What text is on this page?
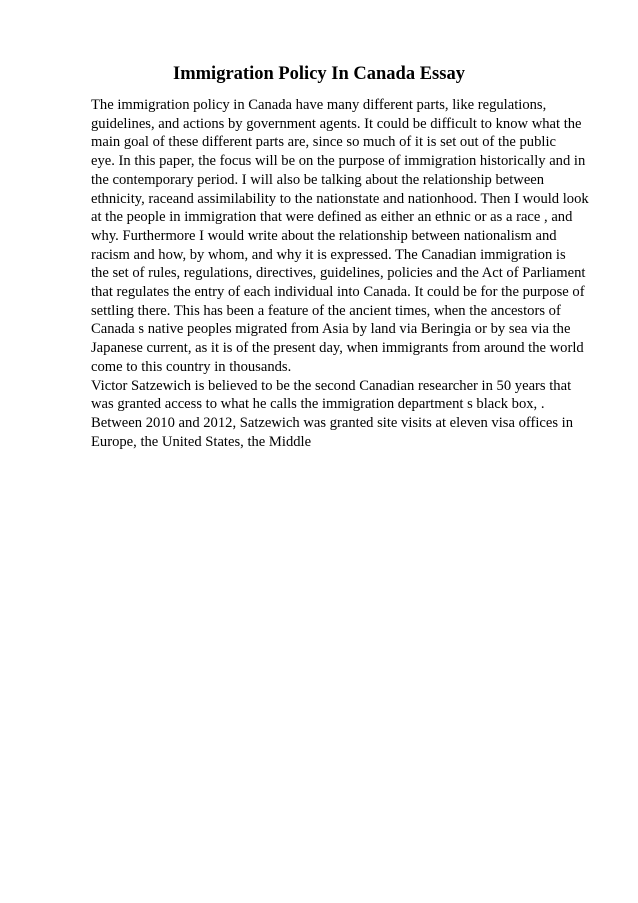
Immigration Policy In Canada Essay
The immigration policy in Canada have many different parts, like regulations,
guidelines, and actions by government agents. It could be difficult to know what the
main goal of these different parts are, since so much of it is set out of the public
eye. In this paper, the focus will be on the purpose of immigration historically and in
the contemporary period. I will also be talking about the relationship between
ethnicity, raceand assimilability to the nationstate and nationhood. Then I would look
at the people in immigration that were defined as either an ethnic or as a race , and
why. Furthermore I would write about the relationship between nationalism and
racism and how, by whom, and why it is expressed. The Canadian immigration is
the set of rules, regulations, directives, guidelines, policies and the Act of Parliament
that regulates the entry of each individual into Canada. It could be for the purpose of
settling there. This has been a feature of the ancient times, when the ancestors of
Canada s native peoples migrated from Asia by land via Beringia or by sea via the
Japanese current, as it is of the present day, when immigrants from around the world
come to this country in thousands.
Victor Satzewich is believed to be the second Canadian researcher in 50 years that
was granted access to what he calls the immigration department s black box, .
Between 2010 and 2012, Satzewich was granted site visits at eleven visa offices in
Europe, the United States, the Middle
